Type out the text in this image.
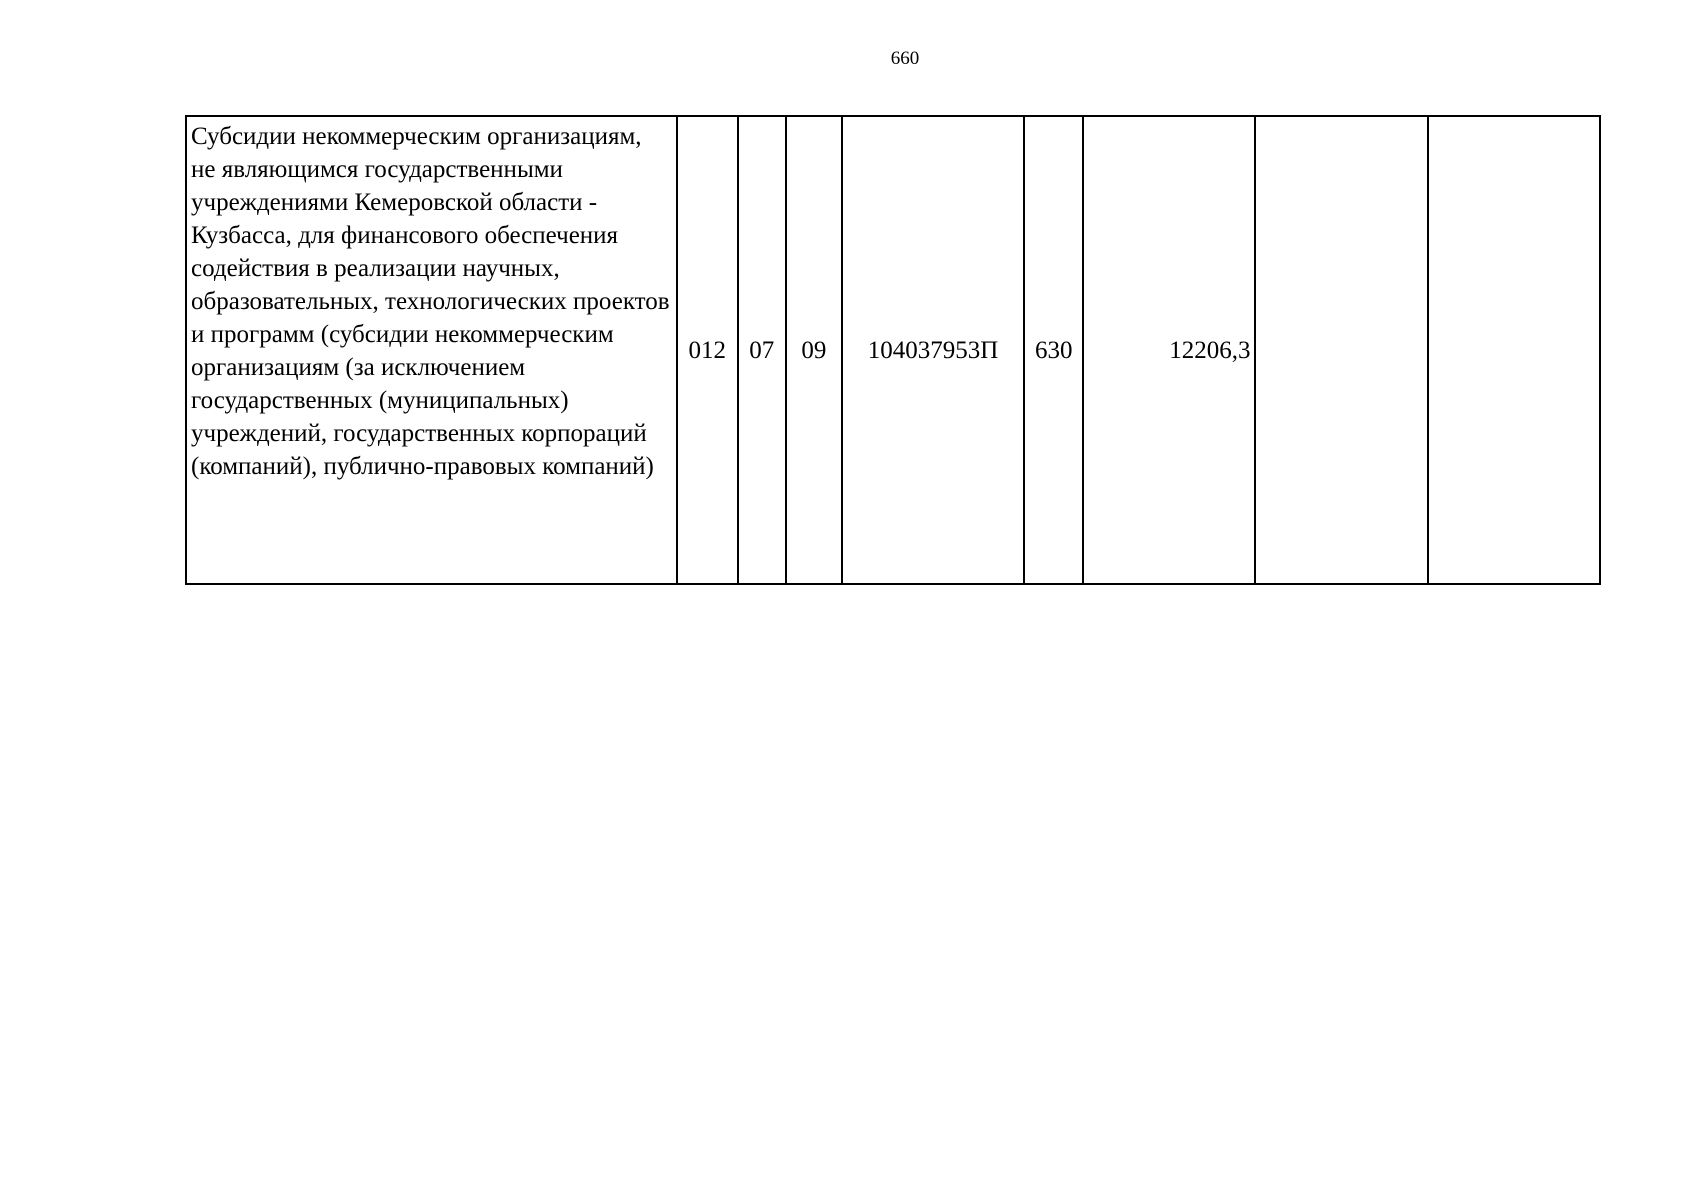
660
Субсидии некоммерческим организациям, не являющимся государственными учреждениями Кемеровской области - Кузбасса, для финансового обеспечения содействия в реализации научных, образовательных, технологических проектов и программ (субсидии некоммерческим организациям (за исключением государственных (муниципальных) учреждений, государственных корпораций (компаний), публично-правовых компаний)	012	07	09	104037953П	630	12206,3		
